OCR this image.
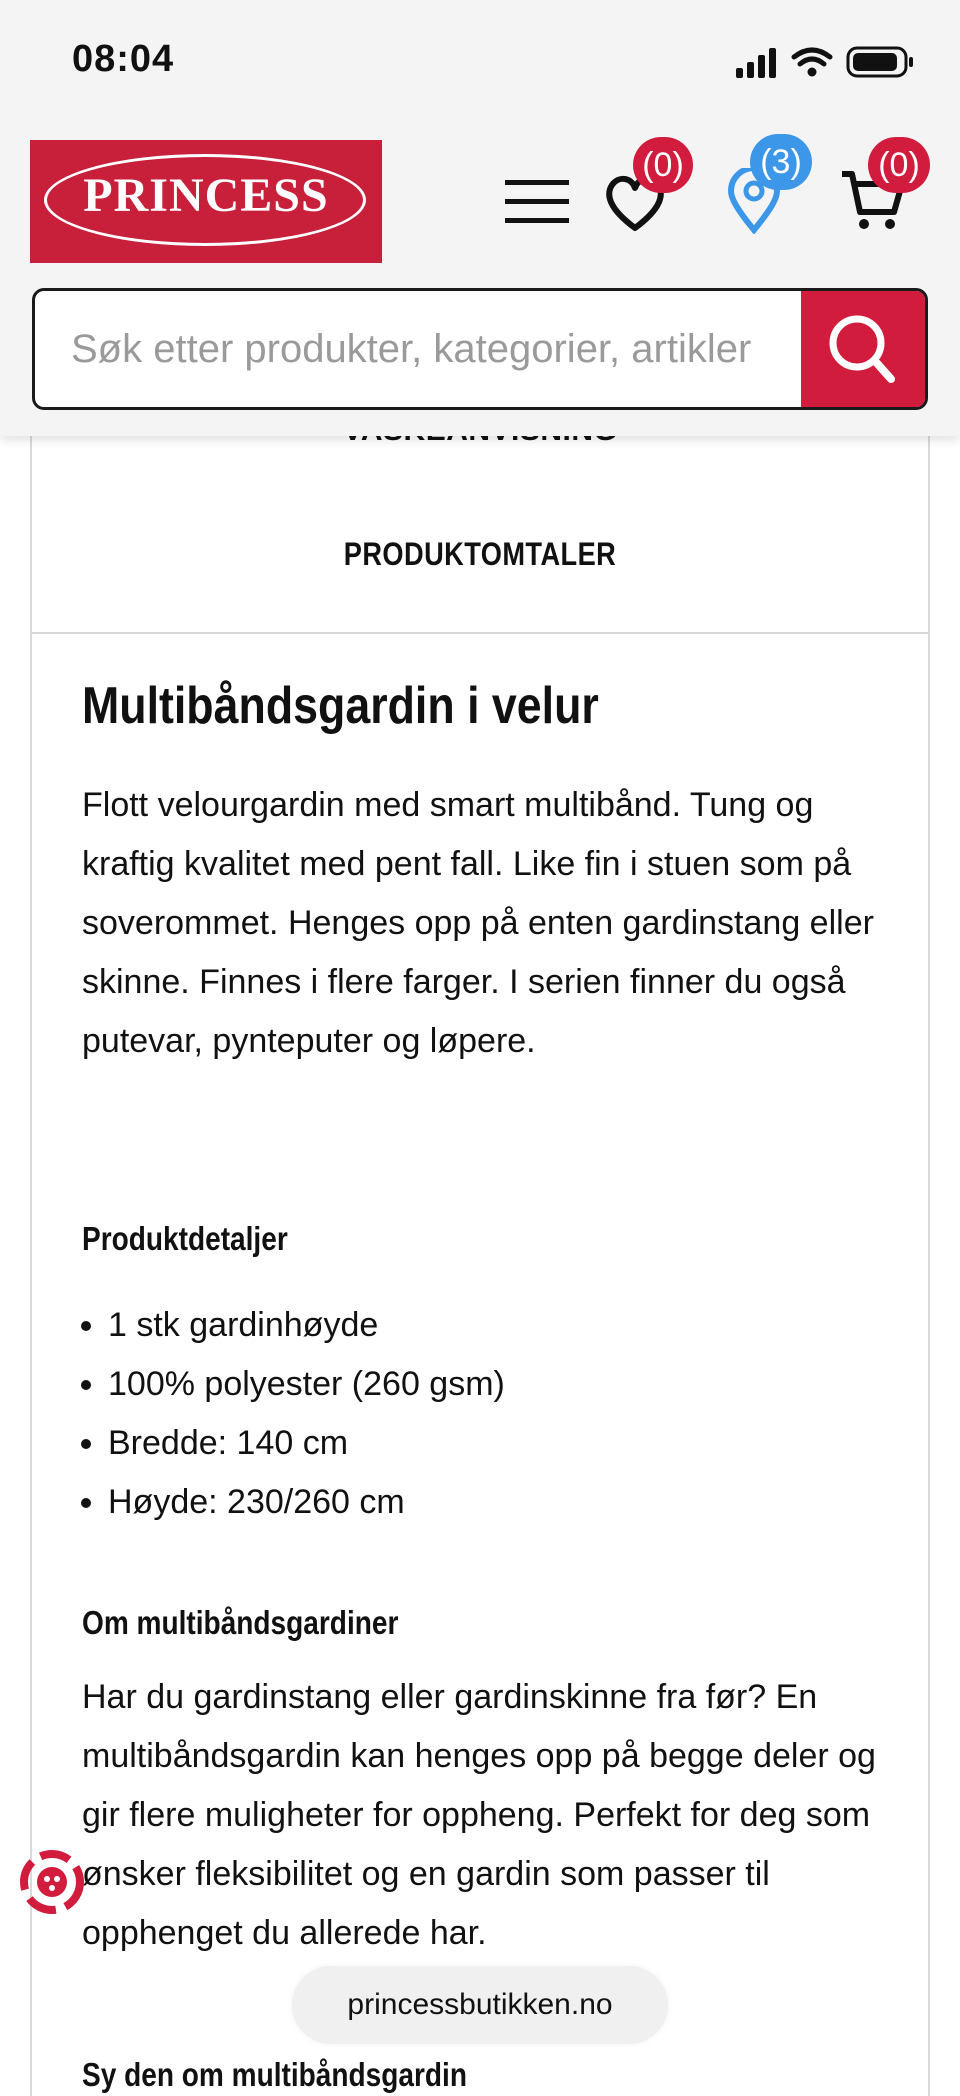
PRODUKTOMTALER
Multibåndsgardin i velur
Flott velourgardin med smart multibånd. Tung og kraftig kvalitet med pent fall. Like fin i stuen som på soverommet. Henges opp på enten gardinstang eller skinne. Finnes i flere farger. I serien finner du også putevar, pynteputer og løpere.
Produktdetaljer
• 1 stk gardinhøyde
• 100% polyester (260 gsm)
• Bredde: 140 cm
• Høyde: 230/260 cm
Om multibåndsgardiner
Har du gardinstang eller gardinskinne fra før? En multibåndsgardin kan henges opp på begge deler og gir flere muligheter for oppheng. Perfekt for deg som ønsker fleksibilitet og en gardin som passer til opphenget du allerede har.
Sy den om multibåndsgardin
08:04
PRINCESS
(0)	(3)	(0)
Søk etter produkter, kategorier, artikler
princessbutikken.no
